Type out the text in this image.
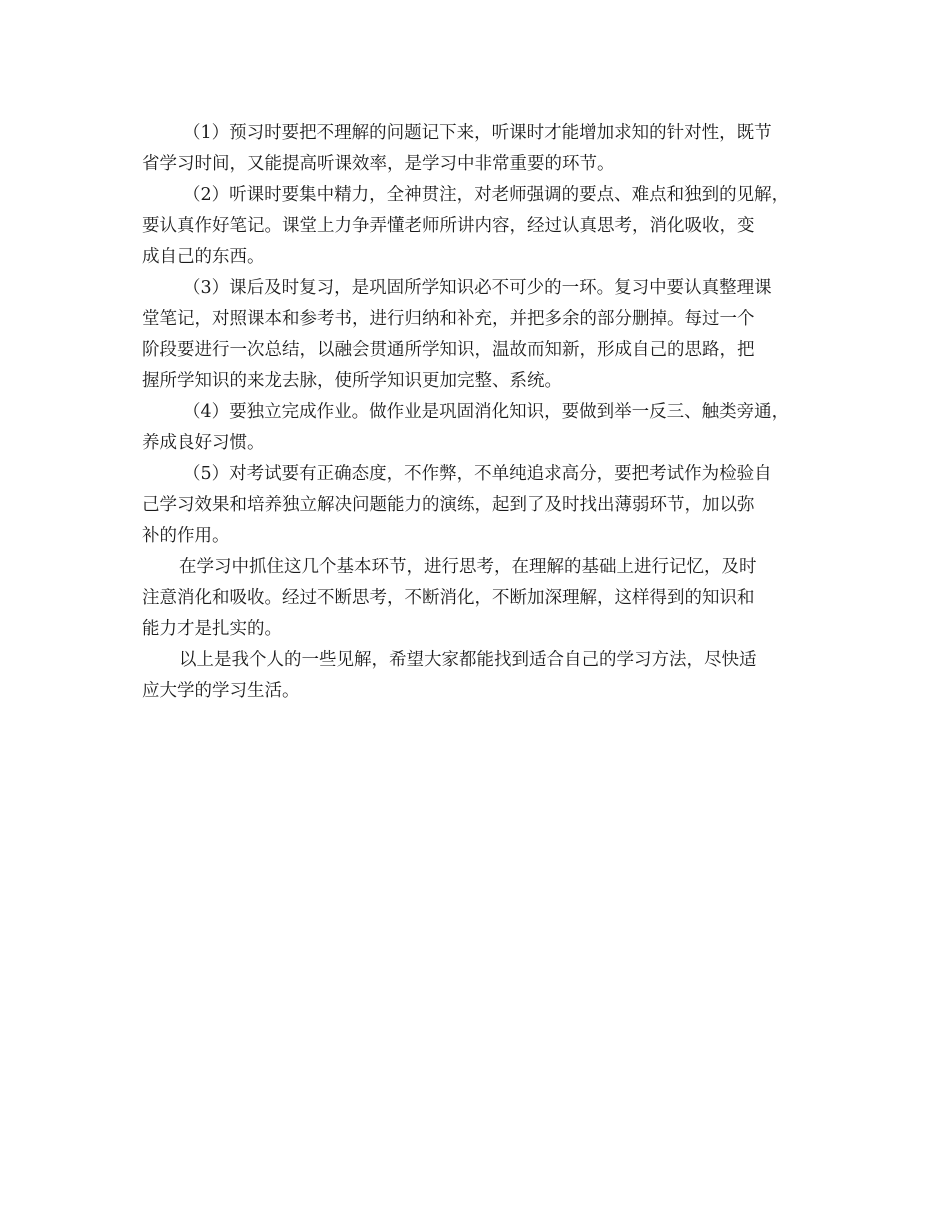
（1）预习时要把不理解的问题记下来，听课时才能增加求知的针对性，既节
省学习时间，又能提高听课效率，是学习中非常重要的环节。
（2）听课时要集中精力，全神贯注，对老师强调的要点、难点和独到的见解，
要认真作好笔记。课堂上力争弄懂老师所讲内容，经过认真思考，消化吸收，变
成自己的东西。
（3）课后及时复习，是巩固所学知识必不可少的一环。复习中要认真整理课
堂笔记，对照课本和参考书，进行归纳和补充，并把多余的部分删掉。每过一个
阶段要进行一次总结，以融会贯通所学知识，温故而知新，形成自己的思路，把
握所学知识的来龙去脉，使所学知识更加完整、系统。
（4）要独立完成作业。做作业是巩固消化知识，要做到举一反三、触类旁通，
养成良好习惯。
（5）对考试要有正确态度，不作弊，不单纯追求高分，要把考试作为检验自
己学习效果和培养独立解决问题能力的演练，起到了及时找出薄弱环节，加以弥
补的作用。
在学习中抓住这几个基本环节，进行思考，在理解的基础上进行记忆，及时
注意消化和吸收。经过不断思考，不断消化，不断加深理解，这样得到的知识和
能力才是扎实的。
以上是我个人的一些见解，希望大家都能找到适合自己的学习方法，尽快适
应大学的学习生活。
